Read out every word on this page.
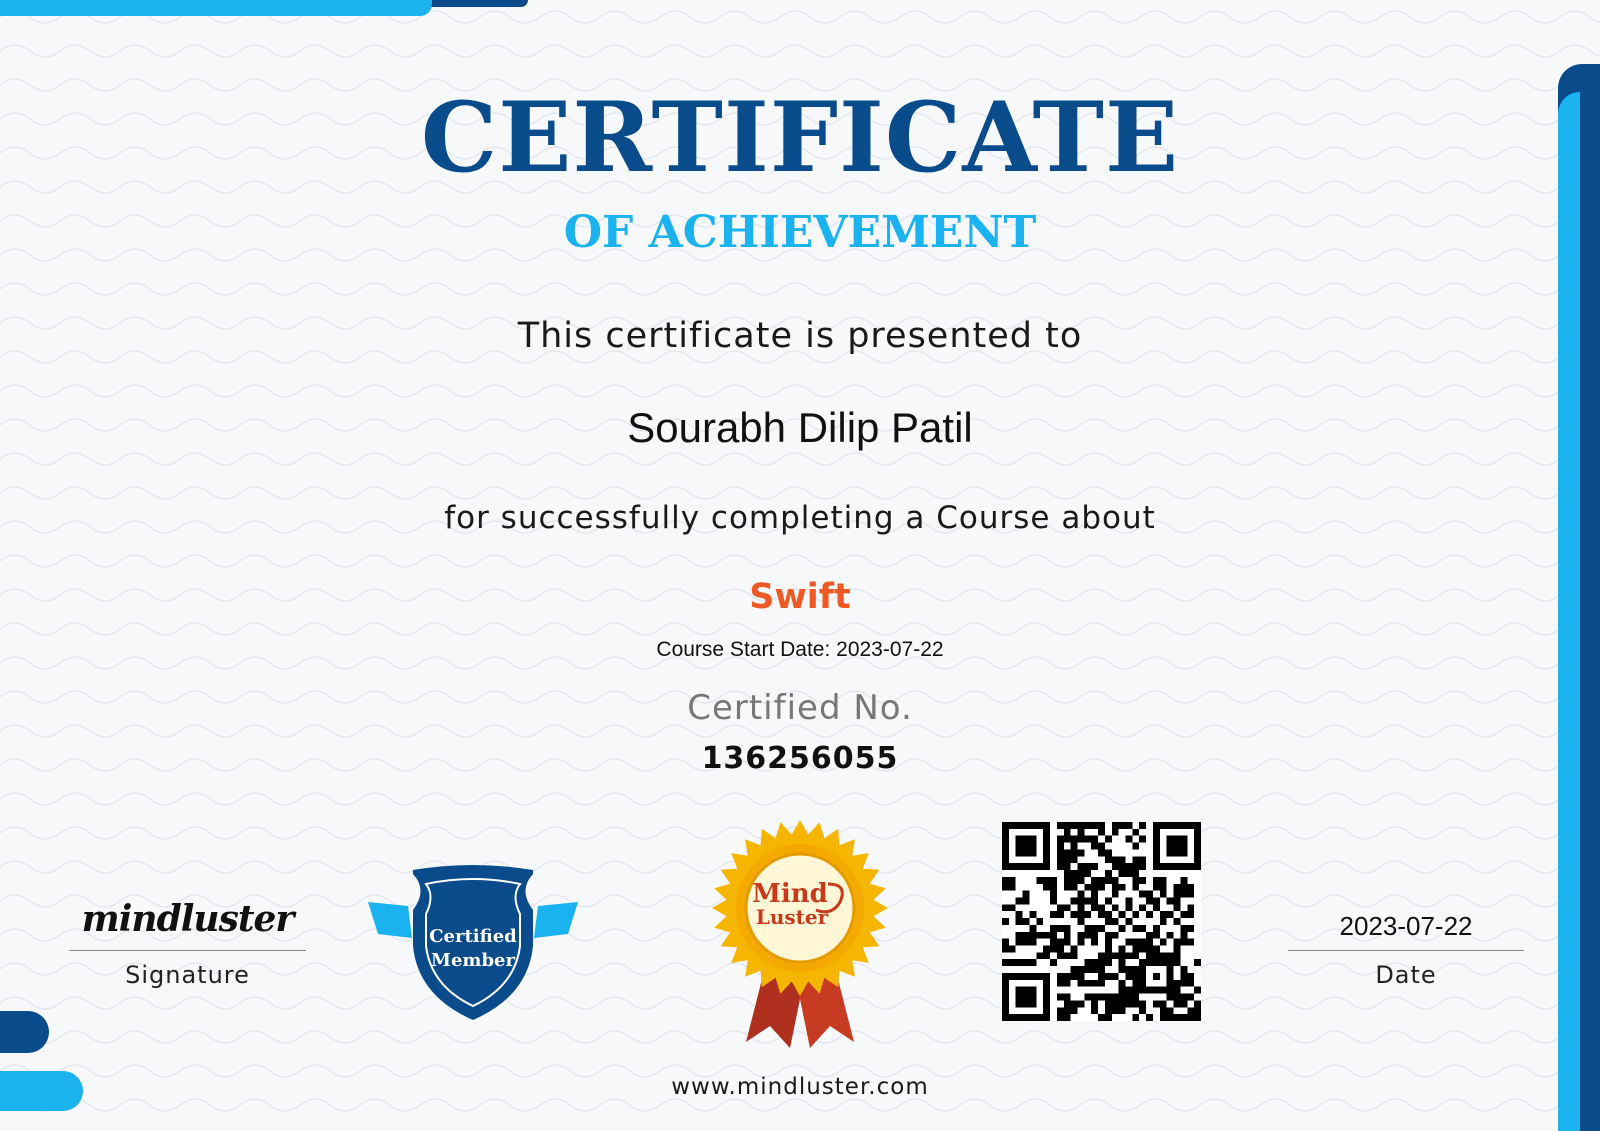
CERTIFICATE
OF ACHIEVEMENT
This certificate is presented to
Sourabh Dilip Patil
for successfully completing a Course about
Swift
Course Start Date: 2023-07-22
Certified No.
136256055
www.mindluster.com
mindluster
Signature
2023-07-22
Date
Certified
Member
Mind
Luster
